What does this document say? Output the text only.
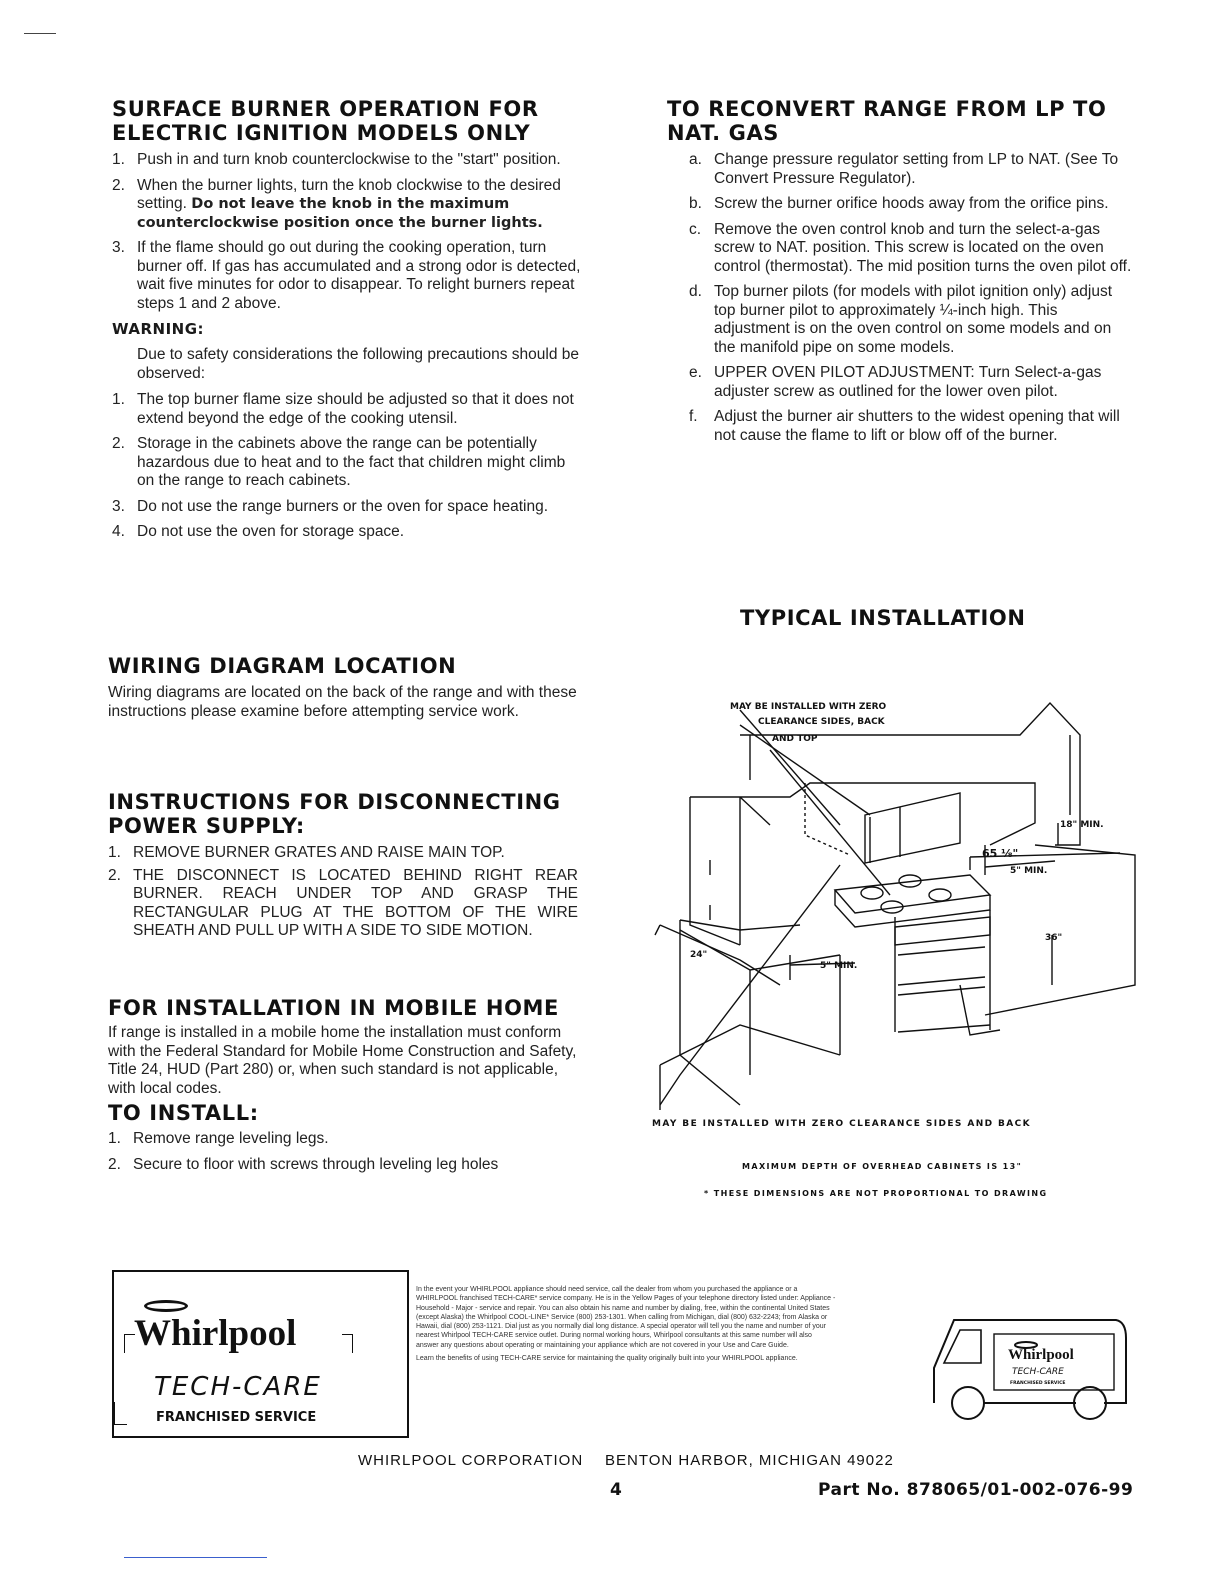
SURFACE BURNER OPERATION FOR ELECTRIC IGNITION MODELS ONLY
1. Push in and turn knob counterclockwise to the "start" position.
2. When the burner lights, turn the knob clockwise to the desired setting. Do not leave the knob in the maximum counterclockwise position once the burner lights.
3. If the flame should go out during the cooking operation, turn burner off. If gas has accumulated and a strong odor is detected, wait five minutes for odor to disappear. To relight burners repeat steps 1 and 2 above.
WARNING:
Due to safety considerations the following precautions should be observed:
1. The top burner flame size should be adjusted so that it does not extend beyond the edge of the cooking utensil.
2. Storage in the cabinets above the range can be potentially hazardous due to heat and to the fact that children might climb on the range to reach cabinets.
3. Do not use the range burners or the oven for space heating.
4. Do not use the oven for storage space.
WIRING DIAGRAM LOCATION
Wiring diagrams are located on the back of the range and with these instructions please examine before attempting service work.
INSTRUCTIONS FOR DISCONNECTING POWER SUPPLY:
1. REMOVE BURNER GRATES AND RAISE MAIN TOP.
2. THE DISCONNECT IS LOCATED BEHIND RIGHT REAR BURNER. REACH UNDER TOP AND GRASP THE RECTANGULAR PLUG AT THE BOTTOM OF THE WIRE SHEATH AND PULL UP WITH A SIDE TO SIDE MOTION.
FOR INSTALLATION IN MOBILE HOME
If range is installed in a mobile home the installation must conform with the Federal Standard for Mobile Home Construction and Safety, Title 24, HUD (Part 280) or, when such standard is not applicable, with local codes.
TO INSTALL:
1. Remove range leveling legs.
2. Secure to floor with screws through leveling leg holes
TO RECONVERT RANGE FROM LP TO NAT. GAS
a. Change pressure regulator setting from LP to NAT. (See To Convert Pressure Regulator).
b. Screw the burner orifice hoods away from the orifice pins.
c. Remove the oven control knob and turn the select-a-gas screw to NAT. position. This screw is located on the oven control (thermostat). The mid position turns the oven pilot off.
d. Top burner pilots (for models with pilot ignition only) adjust top burner pilot to approximately ¼-inch high. This adjustment is on the oven control on some models and on the manifold pipe on some models.
e. UPPER OVEN PILOT ADJUSTMENT: Turn Select-a-gas adjuster screw as outlined for the lower oven pilot.
f. Adjust the burner air shutters to the widest opening that will not cause the flame to lift or blow off of the burner.
TYPICAL INSTALLATION
MAY BE INSTALLED WITH ZERO
CLEARANCE SIDES, BACK
AND TOP
18" MIN.
65 ⅛"
5" MIN.
36"
24"
5" MIN.
MAY BE INSTALLED WITH ZERO CLEARANCE SIDES AND BACK
MAXIMUM DEPTH OF OVERHEAD CABINETS IS 13"
* THESE DIMENSIONS ARE NOT PROPORTIONAL TO DRAWING
Whirlpool
TECH-CARE
FRANCHISED SERVICE
In the event your WHIRLPOOL appliance should need service, call the dealer from whom you purchased the appliance or a WHIRLPOOL franchised TECH-CARE* service company. He is in the Yellow Pages of your telephone directory listed under: Appliance - Household - Major - service and repair. You can also obtain his name and number by dialing, free, within the continental United States (except Alaska) the Whirlpool COOL-LINE* Service (800) 253-1301. When calling from Michigan, dial (800) 632-2243; from Alaska or Hawaii, dial (800) 253-1121. Dial just as you normally dial long distance. A special operator will tell you the name and number of your nearest Whirlpool TECH-CARE service outlet. During normal working hours, Whirlpool consultants at this same number will also answer any questions about operating or maintaining your appliance which are not covered in your Use and Care Guide.
Learn the benefits of using TECH-CARE service for maintaining the quality originally built into your WHIRLPOOL appliance.	Whirlpool
TECH-CARE
FRANCHISED SERVICE
WHIRLPOOL CORPORATION BENTON HARBOR, MICHIGAN 49022
4	Part No. 878065/01-002-076-99
